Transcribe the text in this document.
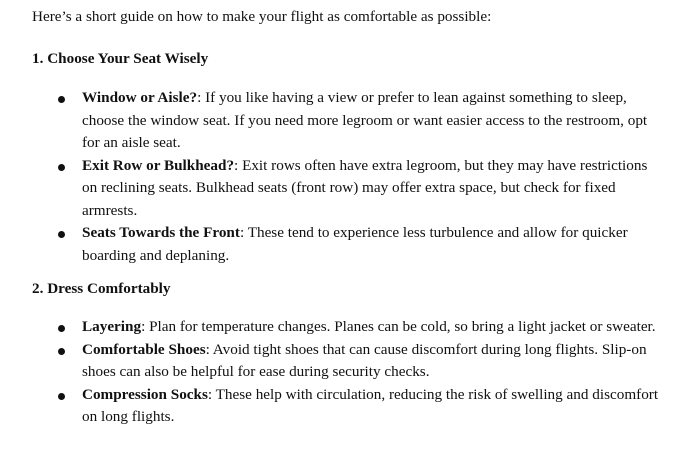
Here’s a short guide on how to make your flight as comfortable as possible:

1. Choose Your Seat Wisely
Window or Aisle?: If you like having a view or prefer to lean against something to sleep, choose the window seat. If you need more legroom or want easier access to the restroom, opt for an aisle seat.
Exit Row or Bulkhead?: Exit rows often have extra legroom, but they may have restrictions on reclining seats. Bulkhead seats (front row) may offer extra space, but check for fixed armrests.
Seats Towards the Front: These tend to experience less turbulence and allow for quicker boarding and deplaning.
2. Dress Comfortably
Layering: Plan for temperature changes. Planes can be cold, so bring a light jacket or sweater.
Comfortable Shoes: Avoid tight shoes that can cause discomfort during long flights. Slip-on shoes can also be helpful for ease during security checks.
Compression Socks: These help with circulation, reducing the risk of swelling and discomfort on long flights.
